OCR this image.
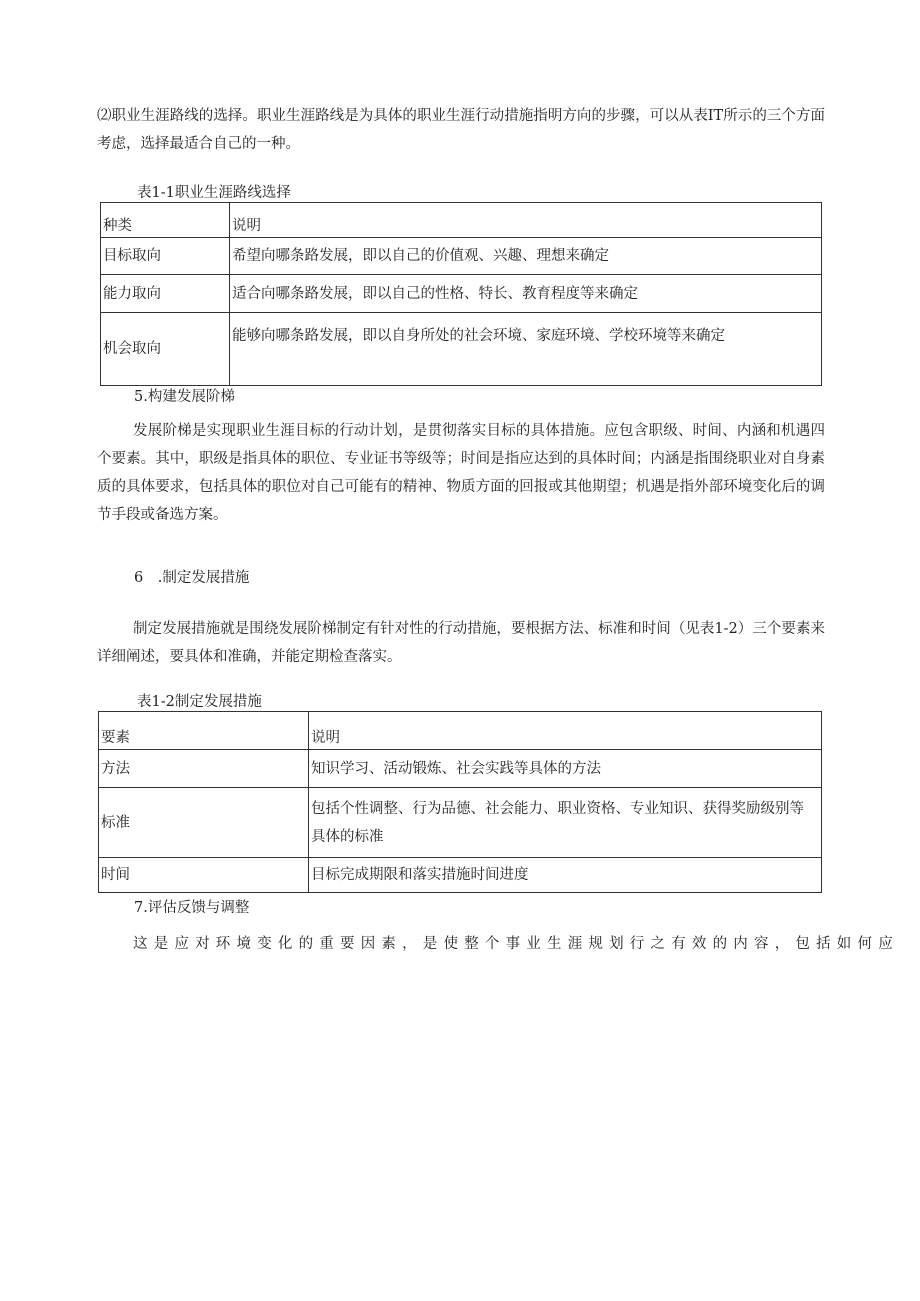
⑵职业生涯路线的选择。职业生涯路线是为具体的职业生涯行动措施指明方向的步骤，可以从表IT所示的三个方面考虑，选择最适合自己的一种。

表1-1职业生涯路线选择

种类	说明
目标取向	希望向哪条路发展，即以自己的价值观、兴趣、理想来确定
能力取向	适合向哪条路发展，即以自己的性格、特长、教育程度等来确定
机会取向	能够向哪条路发展，即以自身所处的社会环境、家庭环境、学校环境等来确定

5.构建发展阶梯

发展阶梯是实现职业生涯目标的行动计划，是贯彻落实目标的具体措施。应包含职级、时间、内涵和机遇四个要素。其中，职级是指具体的职位、专业证书等级等；时间是指应达到的具体时间；内涵是指围绕职业对自身素质的具体要求，包括具体的职位对自己可能有的精神、物质方面的回报或其他期望；机遇是指外部环境变化后的调节手段或备选方案。

6　.制定发展措施

制定发展措施就是围绕发展阶梯制定有针对性的行动措施，要根据方法、标准和时间（见表1-2）三个要素来详细阐述，要具体和准确，并能定期检查落实。

表1-2制定发展措施

要素	说明
方法	知识学习、活动锻炼、社会实践等具体的方法
标准	包括个性调整、行为品德、社会能力、职业资格、专业知识、获得奖励级别等具体的标准
时间	目标完成期限和落实措施时间进度

7.评估反馈与调整

这是应对环境变化的重要因素，是使整个事业生涯规划行之有效的内容，包括如何应
